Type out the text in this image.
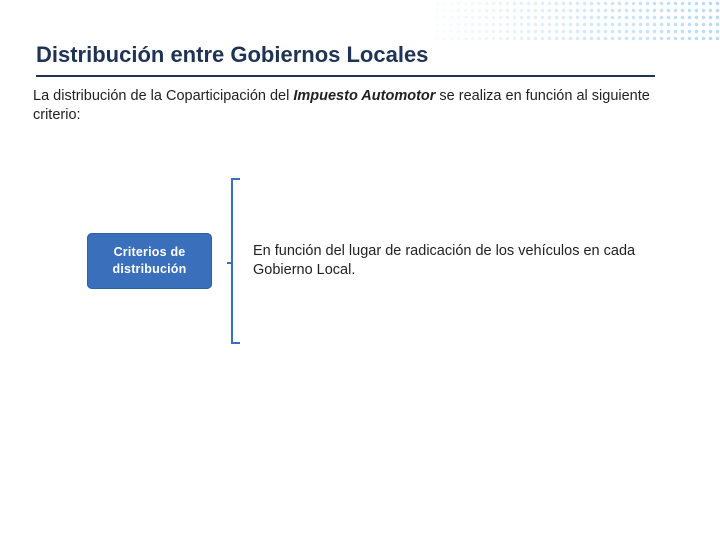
Distribución entre Gobiernos Locales

La distribución de la Coparticipación del Impuesto Automotor se realiza en función al siguiente criterio:

Criterios de distribución

En función del lugar de radicación de los vehículos en cada Gobierno Local.
